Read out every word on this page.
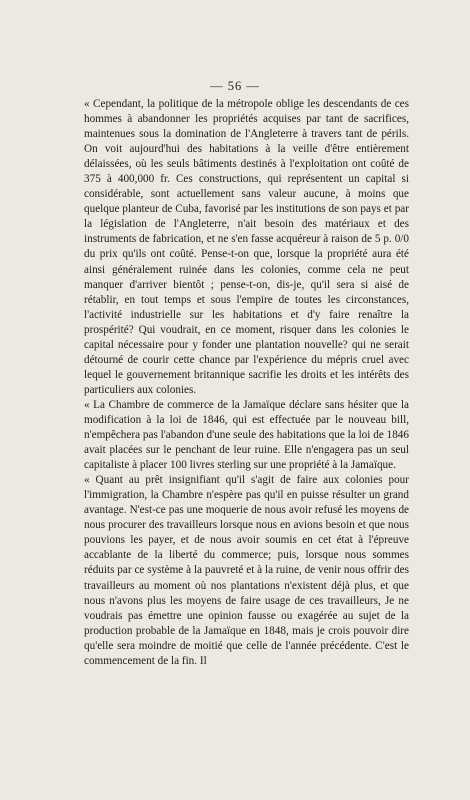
— 56 —

« Cependant, la politique de la métropole oblige les descendants de ces hommes à abandonner les propriétés acquises par tant de sacrifices, maintenues sous la domination de l'Angleterre à travers tant de périls. On voit aujourd'hui des habitations à la veille d'être entièrement délaissées, où les seuls bâtiments destinés à l'exploitation ont coûté de 375 à 400,000 fr. Ces constructions, qui représentent un capital si considérable, sont actuellement sans valeur aucune, à moins que quelque planteur de Cuba, favorisé par les institutions de son pays et par la législation de l'Angleterre, n'ait besoin des matériaux et des instruments de fabrication, et ne s'en fasse acquéreur à raison de 5 p. 0/0 du prix qu'ils ont coûté. Pense-t-on que, lorsque la propriété aura été ainsi généralement ruinée dans les colonies, comme cela ne peut manquer d'arriver bientôt ; pense-t-on, dis-je, qu'il sera si aisé de rétablir, en tout temps et sous l'empire de toutes les circonstances, l'activité industrielle sur les habitations et d'y faire renaître la prospérité? Qui voudrait, en ce moment, risquer dans les colonies le capital nécessaire pour y fonder une plantation nouvelle? qui ne serait détourné de courir cette chance par l'expérience du mépris cruel avec lequel le gouvernement britannique sacrifie les droits et les intérêts des particuliers aux colonies.

« La Chambre de commerce de la Jamaïque déclare sans hésiter que la modification à la loi de 1846, qui est effectuée par le nouveau bill, n'empêchera pas l'abandon d'une seule des habitations que la loi de 1846 avait placées sur le penchant de leur ruine. Elle n'engagera pas un seul capitaliste à placer 100 livres sterling sur une propriété à la Jamaïque.

« Quant au prêt insignifiant qu'il s'agit de faire aux colonies pour l'immigration, la Chambre n'espère pas qu'il en puisse résulter un grand avantage. N'est-ce pas une moquerie de nous avoir refusé les moyens de nous procurer des travailleurs lorsque nous en avions besoin et que nous pouvions les payer, et de nous avoir soumis en cet état à l'épreuve accablante de la liberté du commerce; puis, lorsque nous sommes réduits par ce système à la pauvreté et à la ruine, de venir nous offrir des travailleurs au moment où nos plantations n'existent déjà plus, et que nous n'avons plus les moyens de faire usage de ces travailleurs, Je ne voudrais pas émettre une opinion fausse ou exagérée au sujet de la production probable de la Jamaïque en 1848, mais je crois pouvoir dire qu'elle sera moindre de moitié que celle de l'année précédente. C'est le commencement de la fin. Il
